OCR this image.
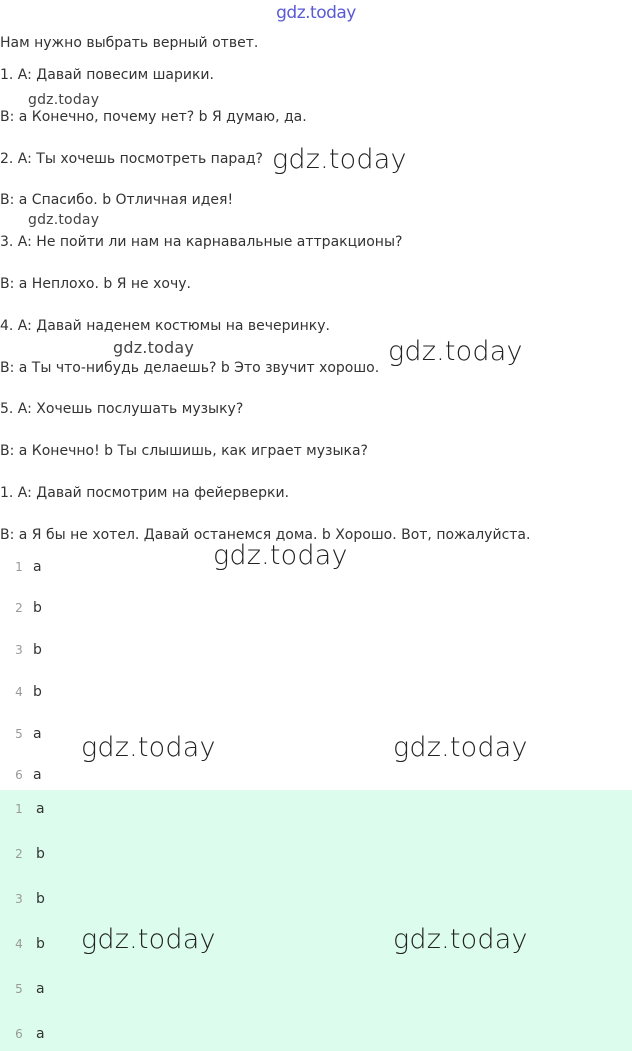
gdz.today
Нам нужно выбрать верный ответ.
1. A: Давай повесим шарики.
B: a Конечно, почему нет? b Я думаю, да.
2. A: Ты хочешь посмотреть парад?
B: a Спасибо. b Отличная идея!
3. A: Не пойти ли нам на карнавальные аттракционы?
B: a Неплохо. b Я не хочу.
4. A: Давай наденем костюмы на вечеринку.
B: a Ты что-нибудь делаешь? b Это звучит хорошо.
5. A: Хочешь послушать музыку?
B: a Конечно! b Ты слышишь, как играет музыка?
1. A: Давай посмотрим на фейерверки.
B: a Я бы не хотел. Давай останемся дома. b Хорошо. Вот, пожалуйста.
1 a
2 b
3 b
4 b
5 a
6 a
1 a
2 b
3 b
4 b
5 a
6 a
gdz.today
gdz.today
gdz.today
gdz.today	gdz.today
gdz.today
gdz.today	gdz.today
gdz.today	gdz.today
